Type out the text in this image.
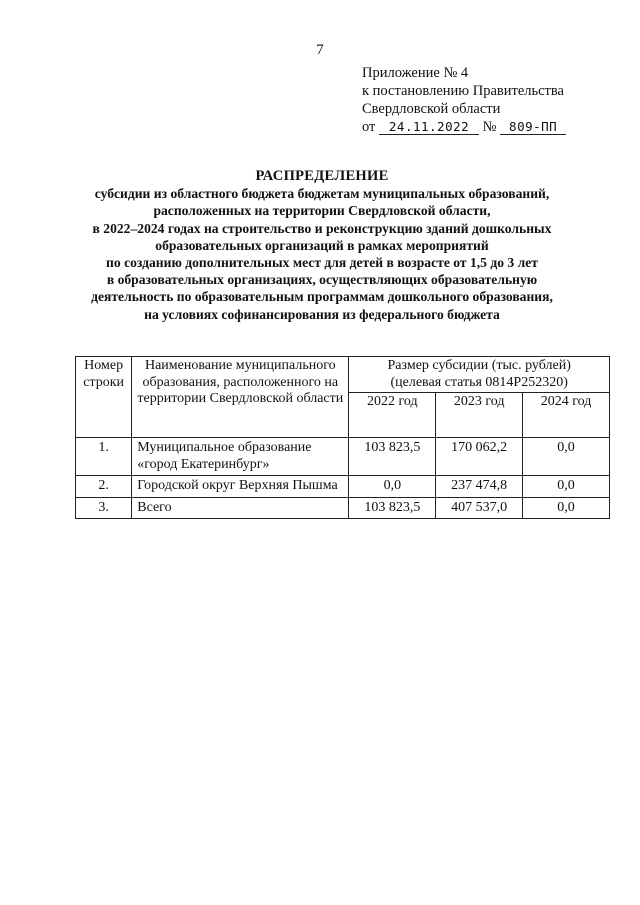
7
Приложение № 4
к постановлению Правительства
Свердловской области
от 24.11.2022 № 809-ПП
РАСПРЕДЕЛЕНИЕ
субсидии из областного бюджета бюджетам муниципальных образований,
расположенных на территории Свердловской области,
в 2022–2024 годах на строительство и реконструкцию зданий дошкольных
образовательных организаций в рамках мероприятий
по созданию дополнительных мест для детей в возрасте от 1,5 до 3 лет
в образовательных организациях, осуществляющих образовательную
деятельность по образовательным программам дошкольного образования,
на условиях софинансирования из федерального бюджета
Номер строки	Наименование муниципального образования, расположенного на территории Свердловской области	Размер субсидии (тыс. рублей)
(целевая статья 0814P252320)		

		2022 год	2023 год	2024 год
1.	Муниципальное образование «город Екатеринбург»	103 823,5	170 062,2	0,0
2.	Городской округ Верхняя Пышма	0,0	237 474,8	0,0
3.	Всего	103 823,5	407 537,0	0,0
